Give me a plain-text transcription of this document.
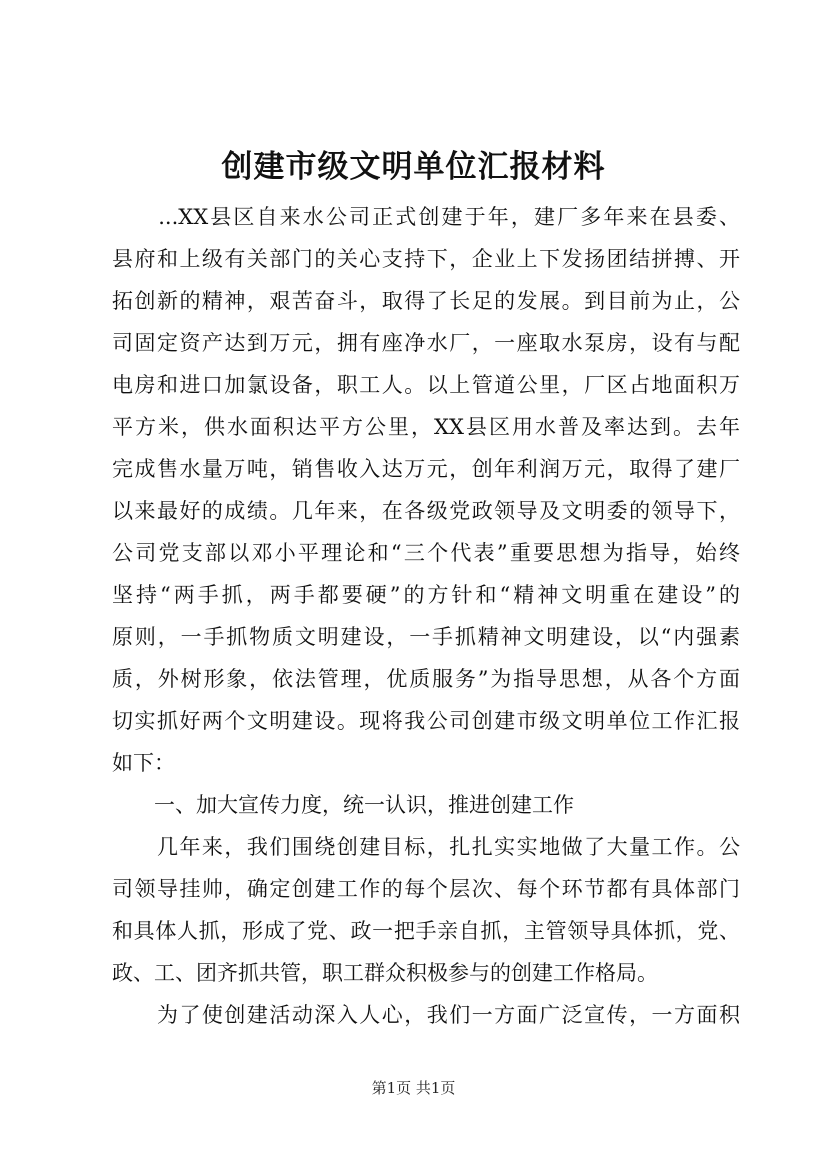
创建市级文明单位汇报材料
　　...XX县区自来水公司正式创建于年，建厂多年来在县委、
县府和上级有关部门的关心支持下，企业上下发扬团结拼搏、开
拓创新的精神，艰苦奋斗，取得了长足的发展。到目前为止，公
司固定资产达到万元，拥有座净水厂，一座取水泵房，设有与配
电房和进口加氯设备，职工人。以上管道公里，厂区占地面积万
平方米，供水面积达平方公里，XX县区用水普及率达到。去年
完成售水量万吨，销售收入达万元，创年利润万元，取得了建厂
以来最好的成绩。几年来，在各级党政领导及文明委的领导下，
公司党支部以邓小平理论和“三个代表”重要思想为指导，始终
坚持“两手抓，两手都要硬”的方针和“精神文明重在建设”的
原则，一手抓物质文明建设，一手抓精神文明建设，以“内强素
质，外树形象，依法管理，优质服务”为指导思想，从各个方面
切实抓好两个文明建设。现将我公司创建市级文明单位工作汇报
如下：
　　一、加大宣传力度，统一认识，推进创建工作
　　几年来，我们围绕创建目标，扎扎实实地做了大量工作。公
司领导挂帅，确定创建工作的每个层次、每个环节都有具体部门
和具体人抓，形成了党、政一把手亲自抓，主管领导具体抓，党、
政、工、团齐抓共管，职工群众积极参与的创建工作格局。
　　为了使创建活动深入人心，我们一方面广泛宣传，一方面积
第1页 共1页
